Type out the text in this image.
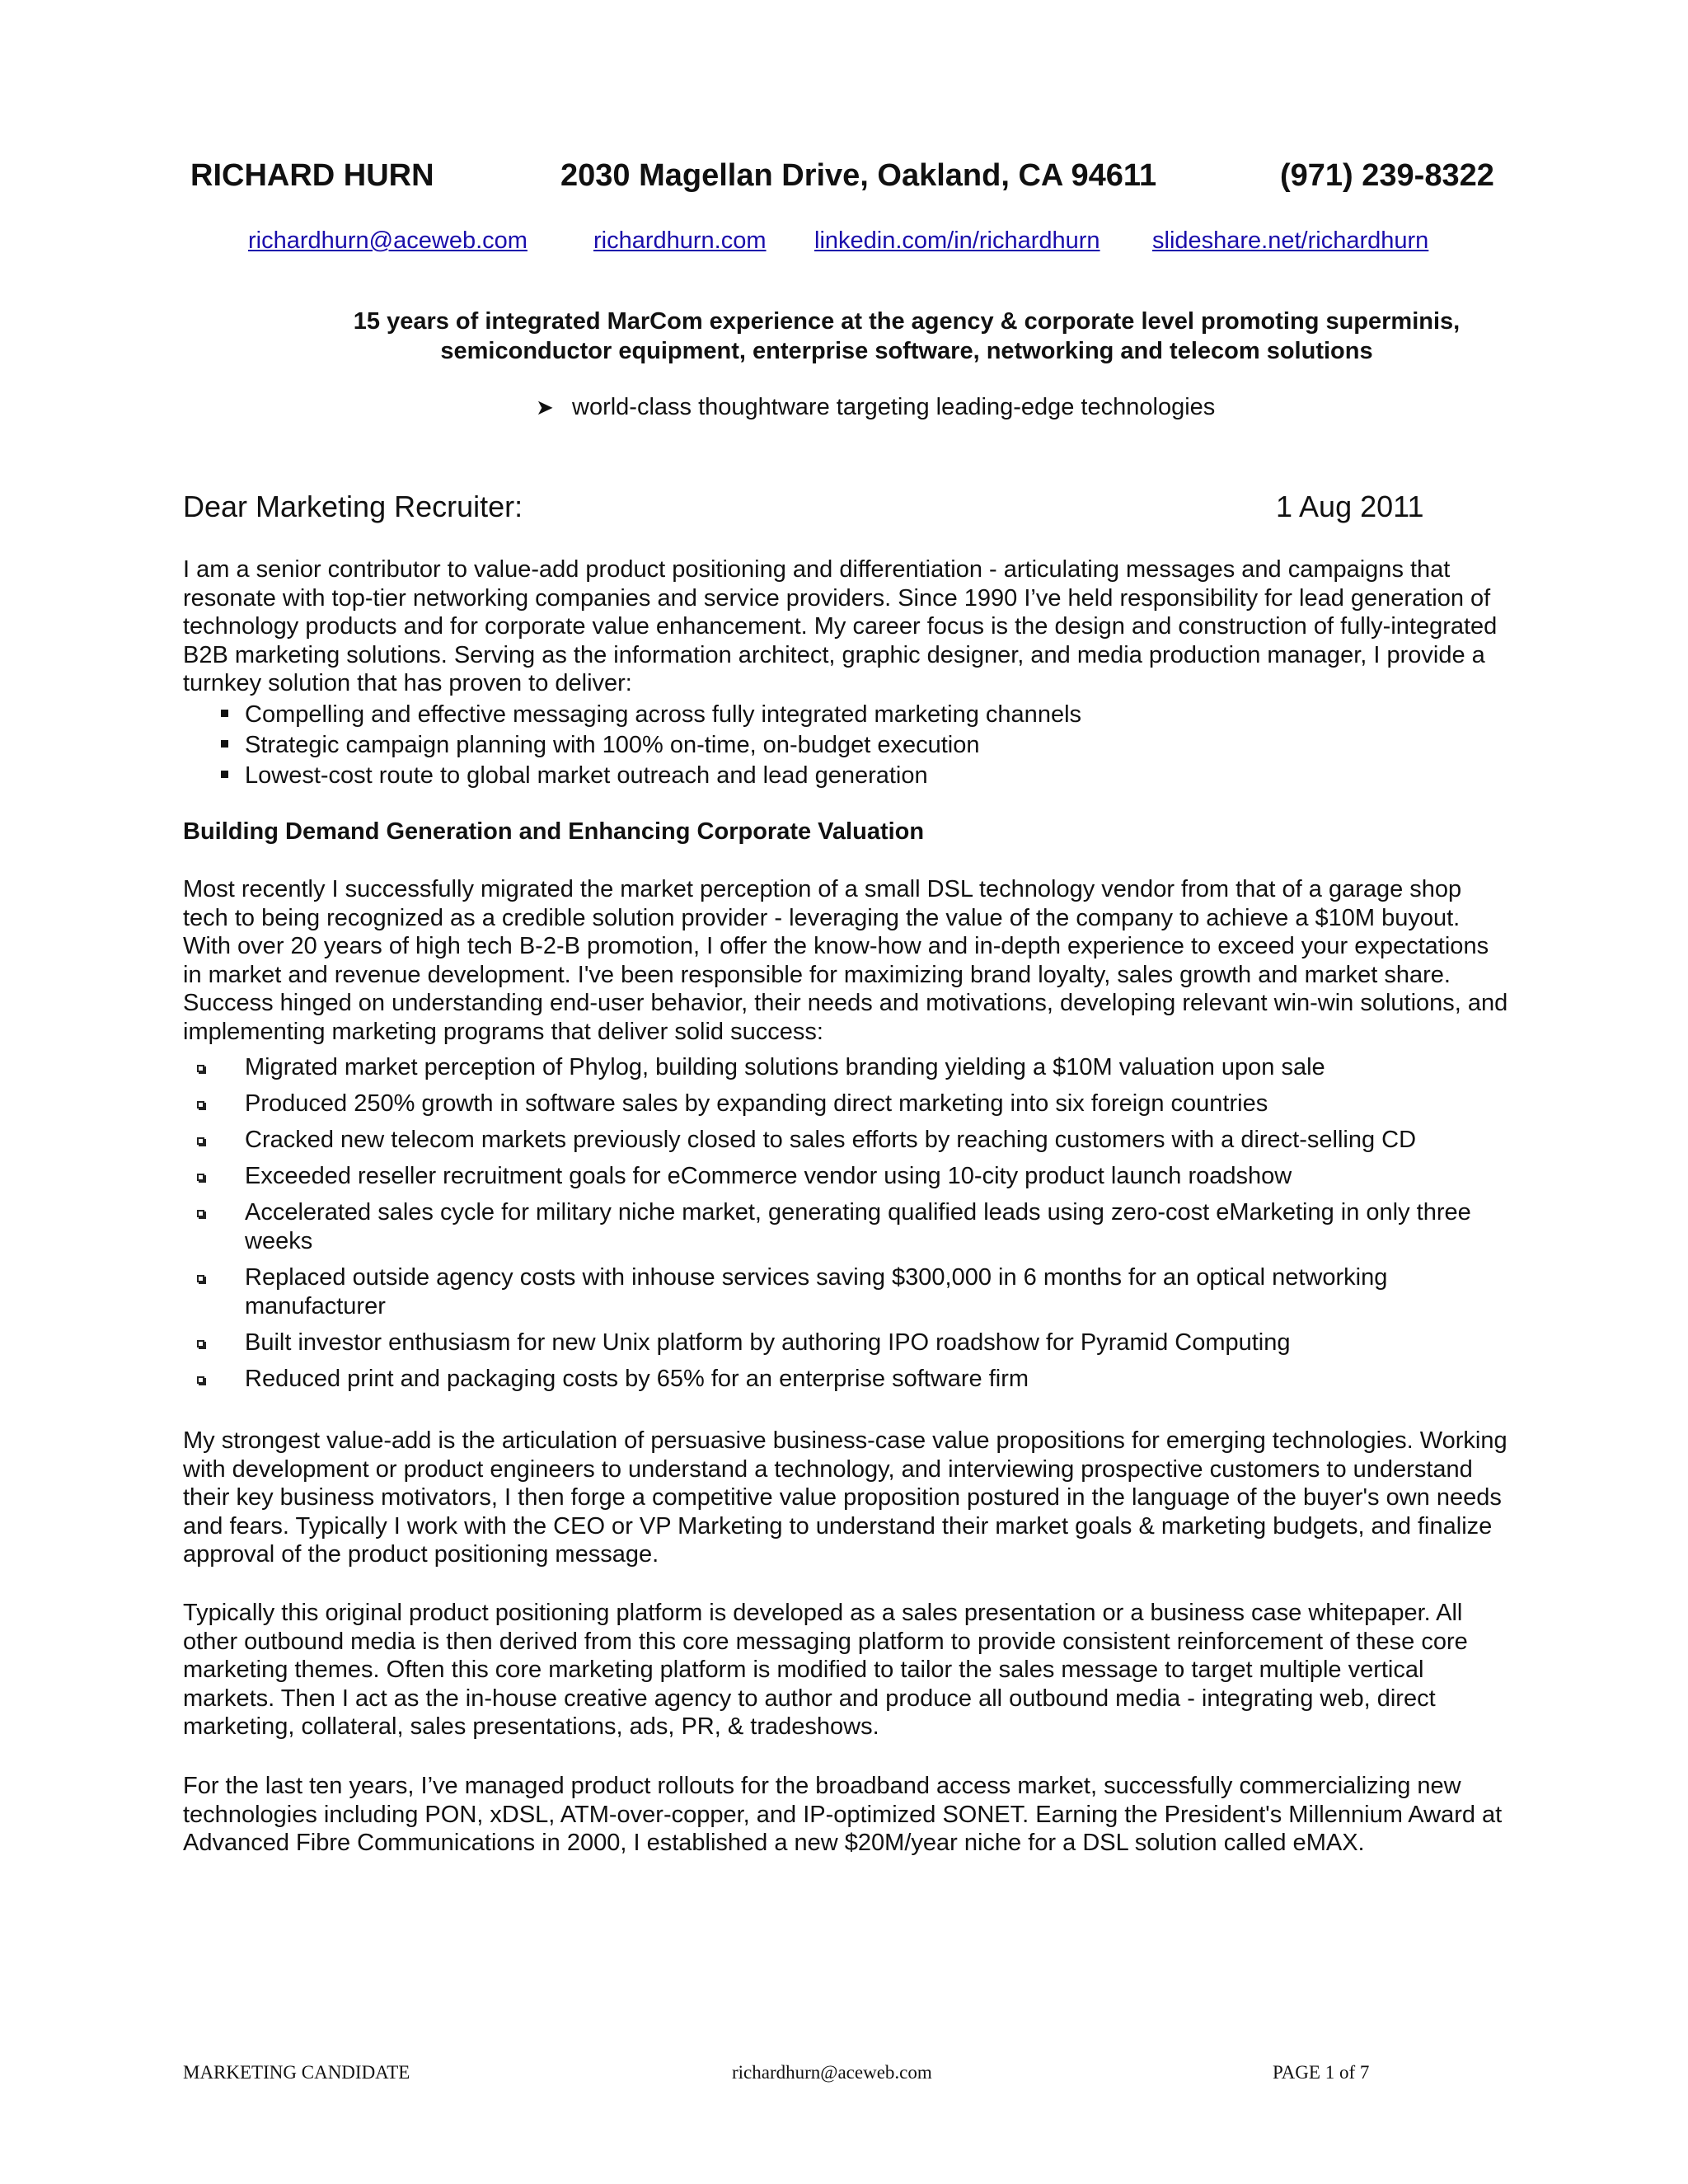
RICHARD HURN	2030 Magellan Drive, Oakland, CA 94611	(971) 239-8322
richardhurn@aceweb.com	richardhurn.com linkedin.com/in/richardhurn slideshare.net/richardhurn
15 years of integrated MarCom experience at the agency & corporate level promoting superminis,
semiconductor equipment, enterprise software, networking and telecom solutions
➤ world-class thoughtware targeting leading-edge technologies
Dear Marketing Recruiter:	1 Aug 2011
I am a senior contributor to value-add product positioning and differentiation - articulating messages and campaigns that resonate with top-tier networking companies and service providers. Since 1990 I’ve held responsibility for lead generation of technology products and for corporate value enhancement. My career focus is the design and construction of fully-integrated B2B marketing solutions. Serving as the information architect, graphic designer, and media production manager, I provide a turnkey solution that has proven to deliver:
Compelling and effective messaging across fully integrated marketing channels
Strategic campaign planning with 100% on-time, on-budget execution
Lowest-cost route to global market outreach and lead generation
Building Demand Generation and Enhancing Corporate Valuation
Most recently I successfully migrated the market perception of a small DSL technology vendor from that of a garage shop tech to being recognized as a credible solution provider - leveraging the value of the company to achieve a $10M buyout. With over 20 years of high tech B-2-B promotion, I offer the know-how and in-depth experience to exceed your expectations in market and revenue development. I've been responsible for maximizing brand loyalty, sales growth and market share. Success hinged on understanding end-user behavior, their needs and motivations, developing relevant win-win solutions, and implementing marketing programs that deliver solid success:
Migrated market perception of Phylog, building solutions branding yielding a $10M valuation upon sale
Produced 250% growth in software sales by expanding direct marketing into six foreign countries
Cracked new telecom markets previously closed to sales efforts by reaching customers with a direct-selling CD
Exceeded reseller recruitment goals for eCommerce vendor using 10-city product launch roadshow
Accelerated sales cycle for military niche market, generating qualified leads using zero-cost eMarketing in only three weeks
Replaced outside agency costs with inhouse services saving $300,000 in 6 months for an optical networking manufacturer
Built investor enthusiasm for new Unix platform by authoring IPO roadshow for Pyramid Computing
Reduced print and packaging costs by 65% for an enterprise software firm
My strongest value-add is the articulation of persuasive business-case value propositions for emerging technologies. Working with development or product engineers to understand a technology, and interviewing prospective customers to understand their key business motivators, I then forge a competitive value proposition postured in the language of the buyer's own needs and fears. Typically I work with the CEO or VP Marketing to understand their market goals & marketing budgets, and finalize approval of the product positioning message.
Typically this original product positioning platform is developed as a sales presentation or a business case whitepaper. All other outbound media is then derived from this core messaging platform to provide consistent reinforcement of these core marketing themes. Often this core marketing platform is modified to tailor the sales message to target multiple vertical markets. Then I act as the in-house creative agency to author and produce all outbound media - integrating web, direct marketing, collateral, sales presentations, ads, PR, & tradeshows.
For the last ten years, I’ve managed product rollouts for the broadband access market, successfully commercializing new technologies including PON, xDSL, ATM-over-copper, and IP-optimized SONET. Earning the President's Millennium Award at Advanced Fibre Communications in 2000, I established a new $20M/year niche for a DSL solution called eMAX.
MARKETING CANDIDATE	richardhurn@aceweb.com	PAGE 1 of 7
